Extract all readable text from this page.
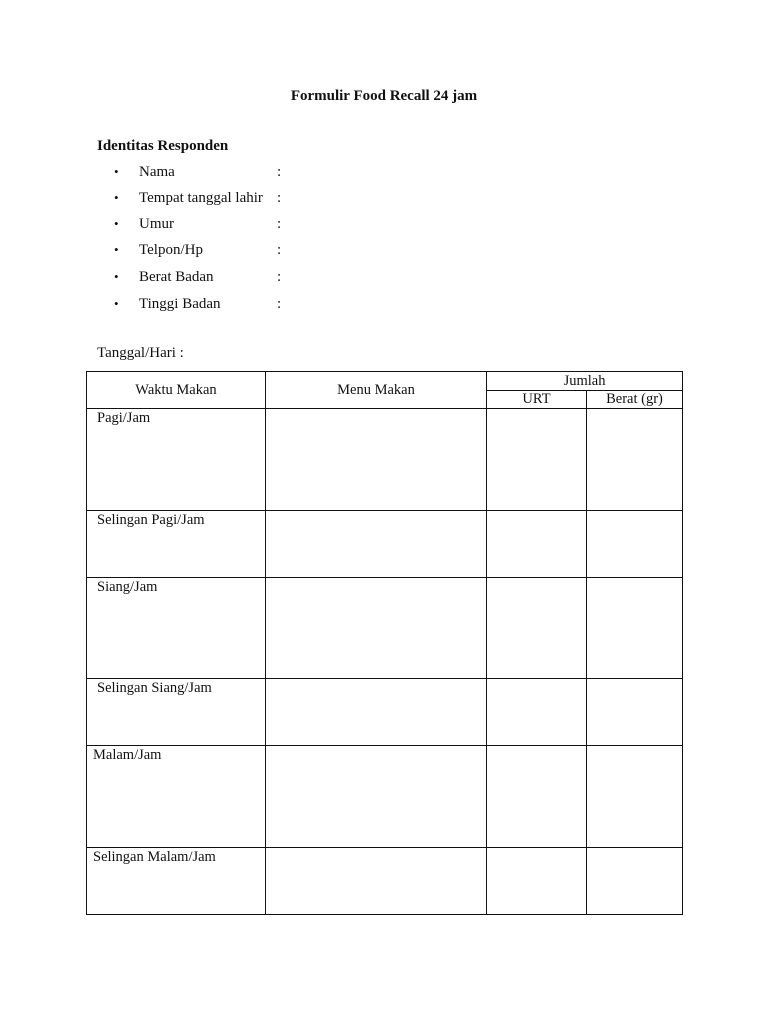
Formulir Food Recall 24 jam
Identitas Responden
• Nama	:
• Tempat tanggal lahir :
• Umur	:
• Telpon/Hp	:
• Berat Badan	:
• Tinggi Badan	:
Tanggal/Hari :
Waktu Makan	Menu Makan	Jumlah	
		URT	Berat (gr)

Pagi/Jam			

Selingan Pagi/Jam			

Siang/Jam			

Selingan Siang/Jam			

Malam/Jam			

Selingan Malam/Jam			
